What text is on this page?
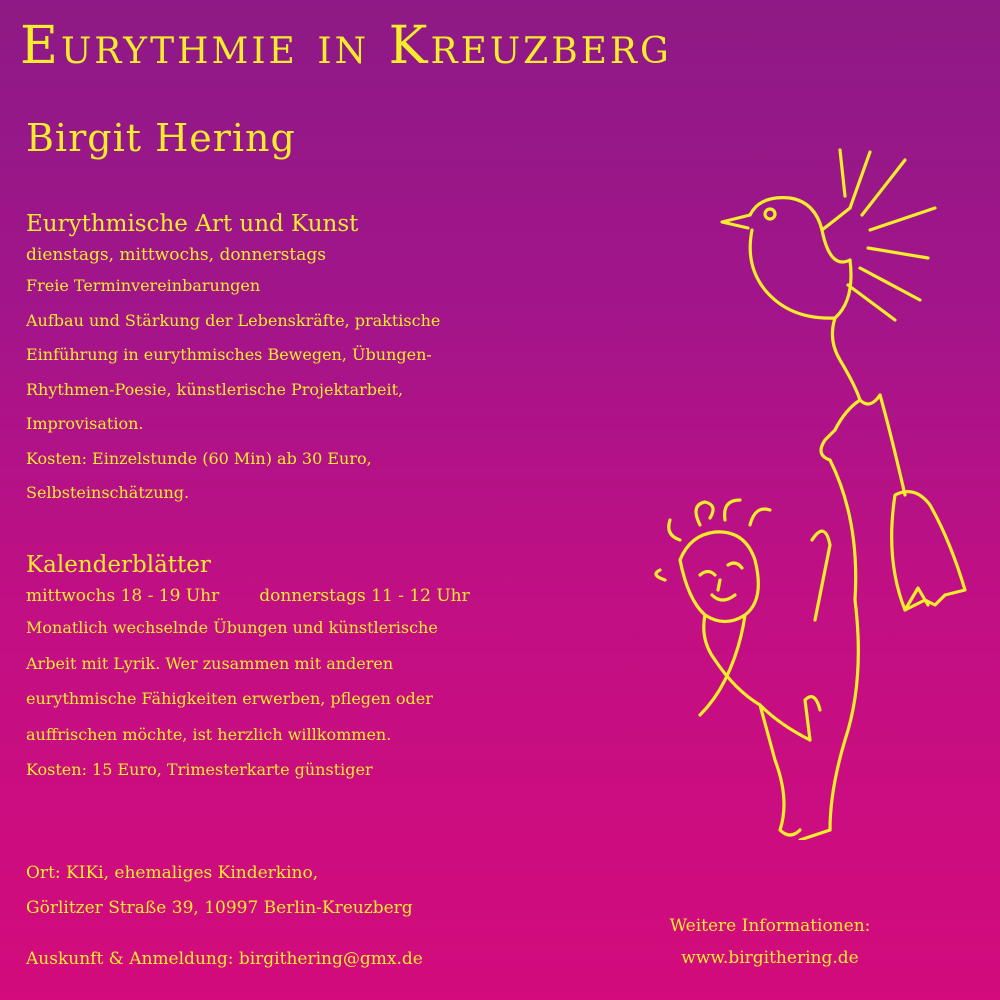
Eurythmie in Kreuzberg
Birgit Hering
Eurythmische Art und Kunst
dienstags, mittwochs, donnerstags
Freie Terminvereinbarungen
Aufbau und Stärkung der Lebenskräfte, praktische
Einführung in eurythmisches Bewegen, Übungen-
Rhythmen-Poesie, künstlerische Projektarbeit,
Improvisation.
Kosten: Einzelstunde (60 Min) ab 30 Euro,
Selbsteinschätzung.
Kalenderblätter
mittwochs 18 - 19 Uhr donnerstags 11 - 12 Uhr
Monatlich wechselnde Übungen und künstlerische
Arbeit mit Lyrik. Wer zusammen mit anderen
eurythmische Fähigkeiten erwerben, pflegen oder
auffrischen möchte, ist herzlich willkommen.
Kosten: 15 Euro, Trimesterkarte günstiger
Ort: KIKi, ehemaliges Kinderkino,
Görlitzer Straße 39, 10997 Berlin-Kreuzberg
Auskunft & Anmeldung: birgithering@gmx.de
Weitere Informationen:
www.birgithering.de
